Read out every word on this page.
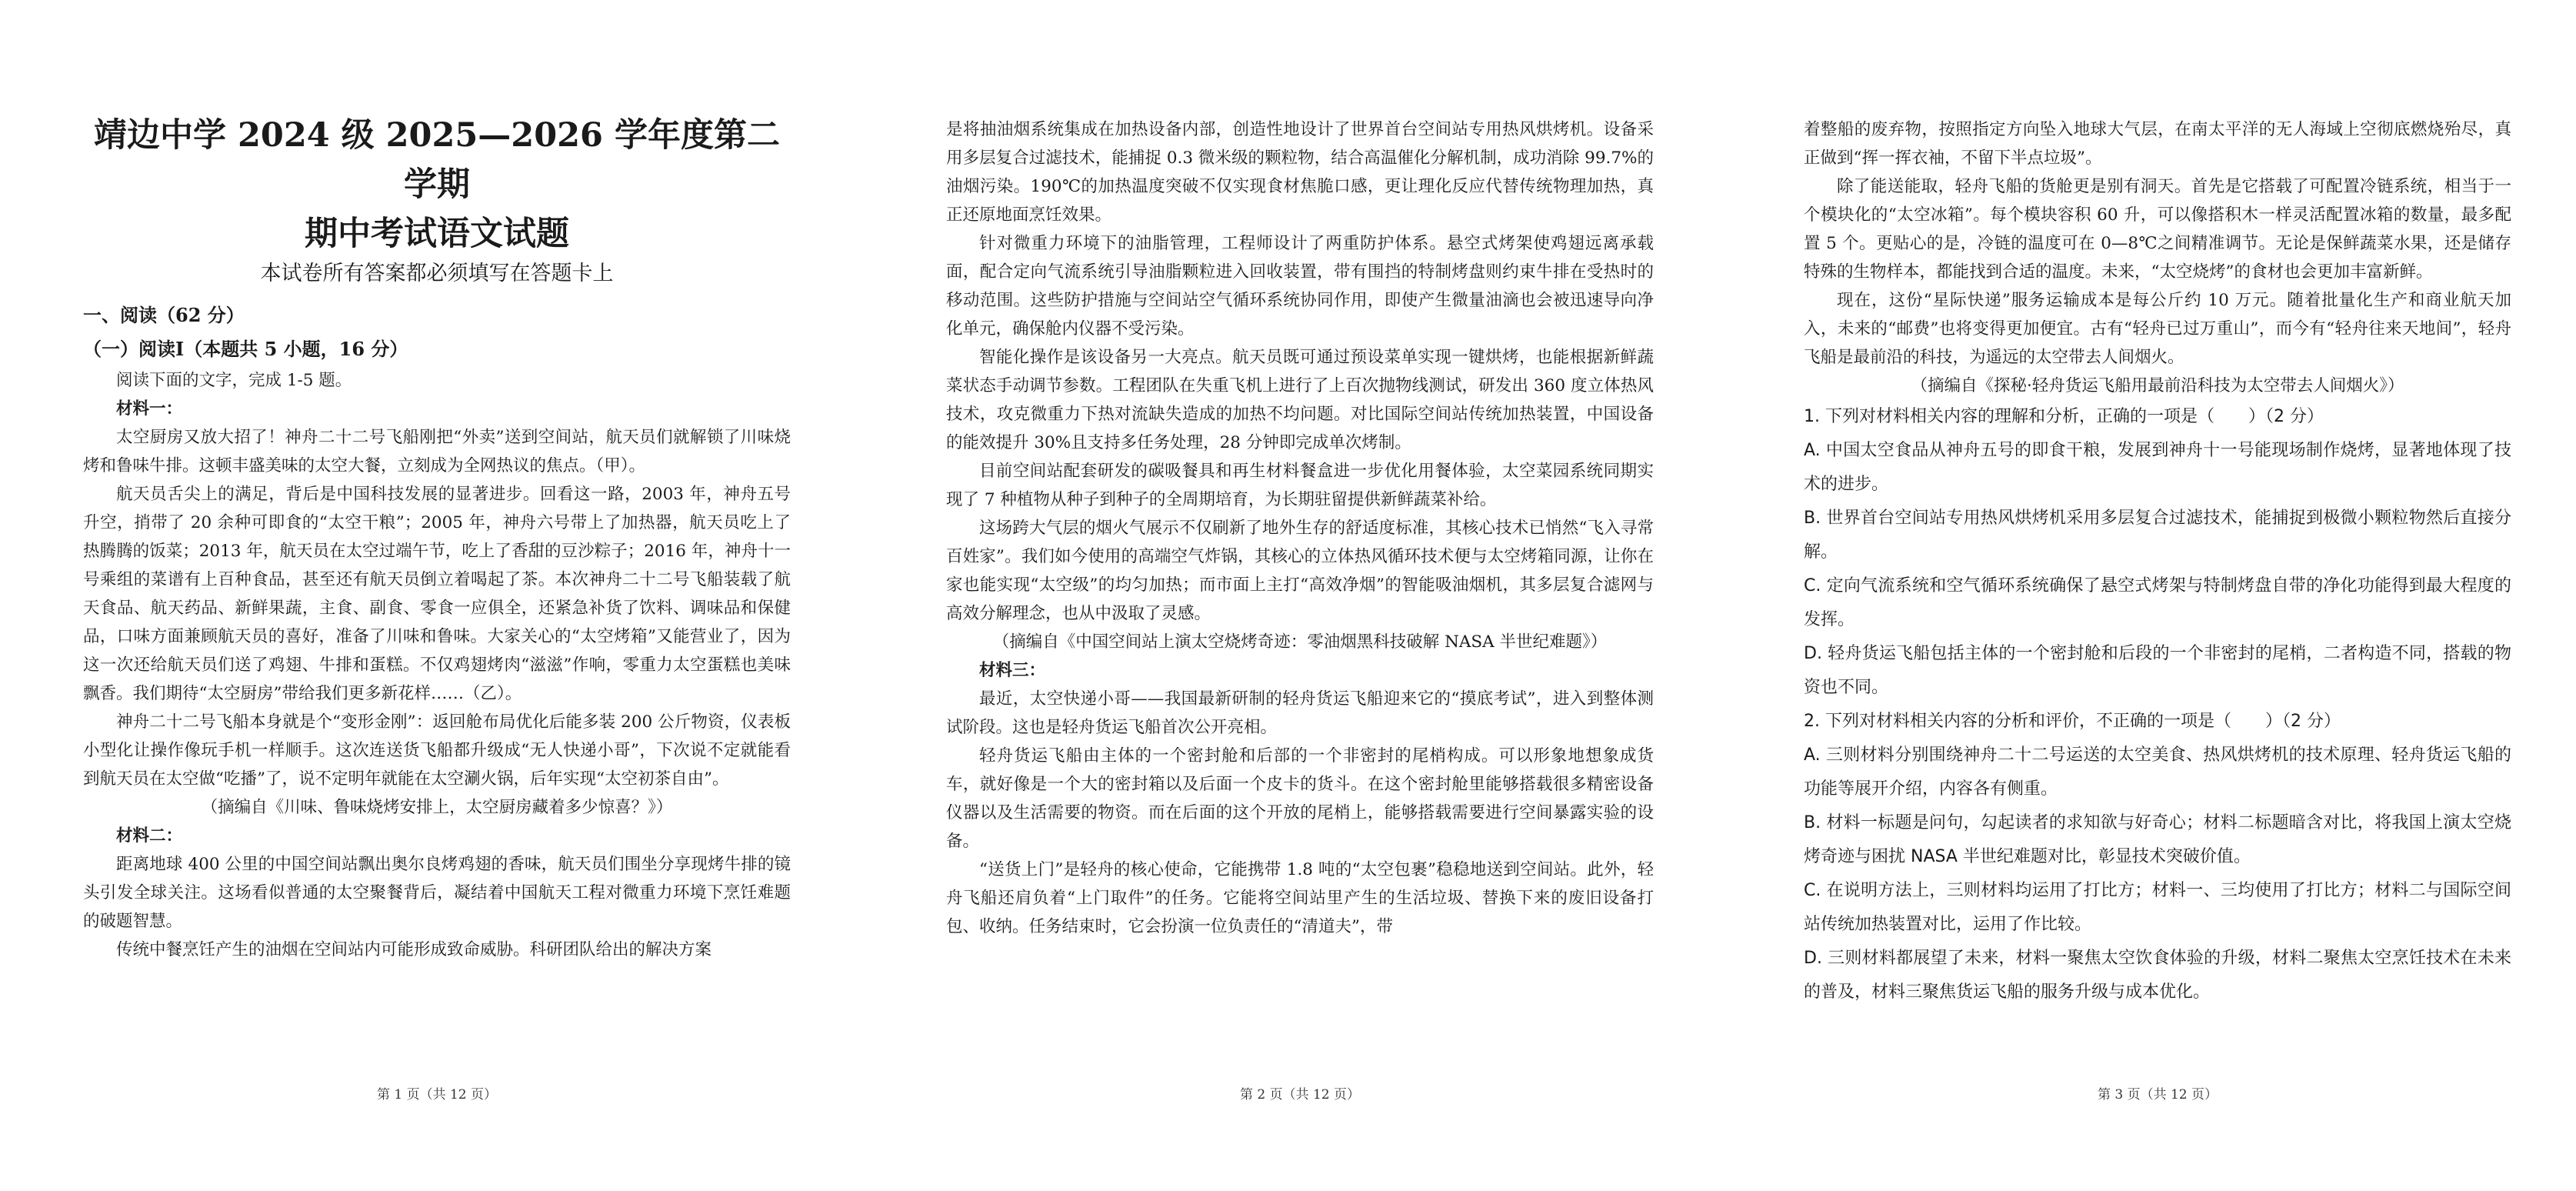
靖边中学 2024 级 2025—2026 学年度第二学期

期中考试语文试题

本试卷所有答案都必须填写在答题卡上

一、阅读（62 分）

（一）阅读Ⅰ（本题共 5 小题，16 分）

阅读下面的文字，完成 1-5 题。

材料一：

太空厨房又放大招了！神舟二十二号飞船刚把“外卖”送到空间站，航天员们就解锁了川味烧烤和鲁味牛排。这顿丰盛美味的太空大餐，立刻成为全网热议的焦点。（甲）。

航天员舌尖上的满足，背后是中国科技发展的显著进步。回看这一路，2003 年，神舟五号升空，捎带了 20 余种可即食的“太空干粮”；2005 年，神舟六号带上了加热器，航天员吃上了热腾腾的饭菜；2013 年，航天员在太空过端午节，吃上了香甜的豆沙粽子；2016 年，神舟十一号乘组的菜谱有上百种食品，甚至还有航天员倒立着喝起了茶。本次神舟二十二号飞船装载了航天食品、航天药品、新鲜果蔬，主食、副食、零食一应俱全，还紧急补货了饮料、调味品和保健品，口味方面兼顾航天员的喜好，准备了川味和鲁味。大家关心的“太空烤箱”又能营业了，因为这一次还给航天员们送了鸡翅、牛排和蛋糕。不仅鸡翅烤肉“滋滋”作响，零重力太空蛋糕也美味飘香。我们期待“太空厨房”带给我们更多新花样……（乙）。

神舟二十二号飞船本身就是个“变形金刚”：返回舱布局优化后能多装 200 公斤物资，仪表板小型化让操作像玩手机一样顺手。这次连送货飞船都升级成“无人快递小哥”，下次说不定就能看到航天员在太空做“吃播”了，说不定明年就能在太空涮火锅，后年实现“太空初茶自由”。

（摘编自《川味、鲁味烧烤安排上，太空厨房藏着多少惊喜？》）

材料二：

距离地球 400 公里的中国空间站飘出奥尔良烤鸡翅的香味，航天员们围坐分享现烤牛排的镜头引发全球关注。这场看似普通的太空聚餐背后，凝结着中国航天工程对微重力环境下烹饪难题的破题智慧。

传统中餐烹饪产生的油烟在空间站内可能形成致命威胁。科研团队给出的解决方案

第 1 页（共 12 页）

是将抽油烟系统集成在加热设备内部，创造性地设计了世界首台空间站专用热风烘烤机。设备采用多层复合过滤技术，能捕捉 0.3 微米级的颗粒物，结合高温催化分解机制，成功消除 99.7%的油烟污染。190℃的加热温度突破不仅实现食材焦脆口感，更让理化反应代替传统物理加热，真正还原地面烹饪效果。

针对微重力环境下的油脂管理，工程师设计了两重防护体系。悬空式烤架使鸡翅远离承载面，配合定向气流系统引导油脂颗粒进入回收装置，带有围挡的特制烤盘则约束牛排在受热时的移动范围。这些防护措施与空间站空气循环系统协同作用，即使产生微量油滴也会被迅速导向净化单元，确保舱内仪器不受污染。

智能化操作是该设备另一大亮点。航天员既可通过预设菜单实现一键烘烤，也能根据新鲜蔬菜状态手动调节参数。工程团队在失重飞机上进行了上百次抛物线测试，研发出 360 度立体热风技术，攻克微重力下热对流缺失造成的加热不均问题。对比国际空间站传统加热装置，中国设备的能效提升 30%且支持多任务处理，28 分钟即完成单次烤制。

目前空间站配套研发的碳吸餐具和再生材料餐盒进一步优化用餐体验，太空菜园系统同期实现了 7 种植物从种子到种子的全周期培育，为长期驻留提供新鲜蔬菜补给。

这场跨大气层的烟火气展示不仅刷新了地外生存的舒适度标准，其核心技术已悄然“飞入寻常百姓家”。我们如今使用的高端空气炸锅，其核心的立体热风循环技术便与太空烤箱同源，让你在家也能实现“太空级”的均匀加热；而市面上主打“高效净烟”的智能吸油烟机，其多层复合滤网与高效分解理念，也从中汲取了灵感。

（摘编自《中国空间站上演太空烧烤奇迹：零油烟黑科技破解 NASA 半世纪难题》）

材料三：

最近，太空快递小哥——我国最新研制的轻舟货运飞船迎来它的“摸底考试”，进入到整体测试阶段。这也是轻舟货运飞船首次公开亮相。

轻舟货运飞船由主体的一个密封舱和后部的一个非密封的尾梢构成。可以形象地想象成货车，就好像是一个大的密封箱以及后面一个皮卡的货斗。在这个密封舱里能够搭载很多精密设备仪器以及生活需要的物资。而在后面的这个开放的尾梢上，能够搭载需要进行空间暴露实验的设备。

“送货上门”是轻舟的核心使命，它能携带 1.8 吨的“太空包裹”稳稳地送到空间站。此外，轻舟飞船还肩负着“上门取件”的任务。它能将空间站里产生的生活垃圾、替换下来的废旧设备打包、收纳。任务结束时，它会扮演一位负责任的“清道夫”，带

第 2 页（共 12 页）

着整船的废弃物，按照指定方向坠入地球大气层，在南太平洋的无人海域上空彻底燃烧殆尽，真正做到“挥一挥衣袖，不留下半点垃圾”。

除了能送能取，轻舟飞船的货舱更是别有洞天。首先是它搭载了可配置冷链系统，相当于一个模块化的“太空冰箱”。每个模块容积 60 升，可以像搭积木一样灵活配置冰箱的数量，最多配置 5 个。更贴心的是，冷链的温度可在 0—8℃之间精准调节。无论是保鲜蔬菜水果，还是储存特殊的生物样本，都能找到合适的温度。未来，“太空烧烤”的食材也会更加丰富新鲜。

现在，这份“星际快递”服务运输成本是每公斤约 10 万元。随着批量化生产和商业航天加入，未来的“邮费”也将变得更加便宜。古有“轻舟已过万重山”，而今有“轻舟往来天地间”，轻舟飞船是最前沿的科技，为遥远的太空带去人间烟火。

（摘编自《探秘·轻舟货运飞船用最前沿科技为太空带去人间烟火》）

1. 下列对材料相关内容的理解和分析，正确的一项是（　　）（2 分）

A. 中国太空食品从神舟五号的即食干粮，发展到神舟十一号能现场制作烧烤，显著地体现了技术的进步。

B. 世界首台空间站专用热风烘烤机采用多层复合过滤技术，能捕捉到极微小颗粒物然后直接分解。

C. 定向气流系统和空气循环系统确保了悬空式烤架与特制烤盘自带的净化功能得到最大程度的发挥。

D. 轻舟货运飞船包括主体的一个密封舱和后段的一个非密封的尾梢，二者构造不同，搭载的物资也不同。

2. 下列对材料相关内容的分析和评价，不正确的一项是（　　）（2 分）

A. 三则材料分别围绕神舟二十二号运送的太空美食、热风烘烤机的技术原理、轻舟货运飞船的功能等展开介绍，内容各有侧重。

B. 材料一标题是问句，勾起读者的求知欲与好奇心；材料二标题暗含对比，将我国上演太空烧烤奇迹与困扰 NASA 半世纪难题对比，彰显技术突破价值。

C. 在说明方法上，三则材料均运用了打比方；材料一、三均使用了打比方；材料二与国际空间站传统加热装置对比，运用了作比较。

D. 三则材料都展望了未来，材料一聚焦太空饮食体验的升级，材料二聚焦太空烹饪技术在未来的普及，材料三聚焦货运飞船的服务升级与成本优化。

第 3 页（共 12 页）
